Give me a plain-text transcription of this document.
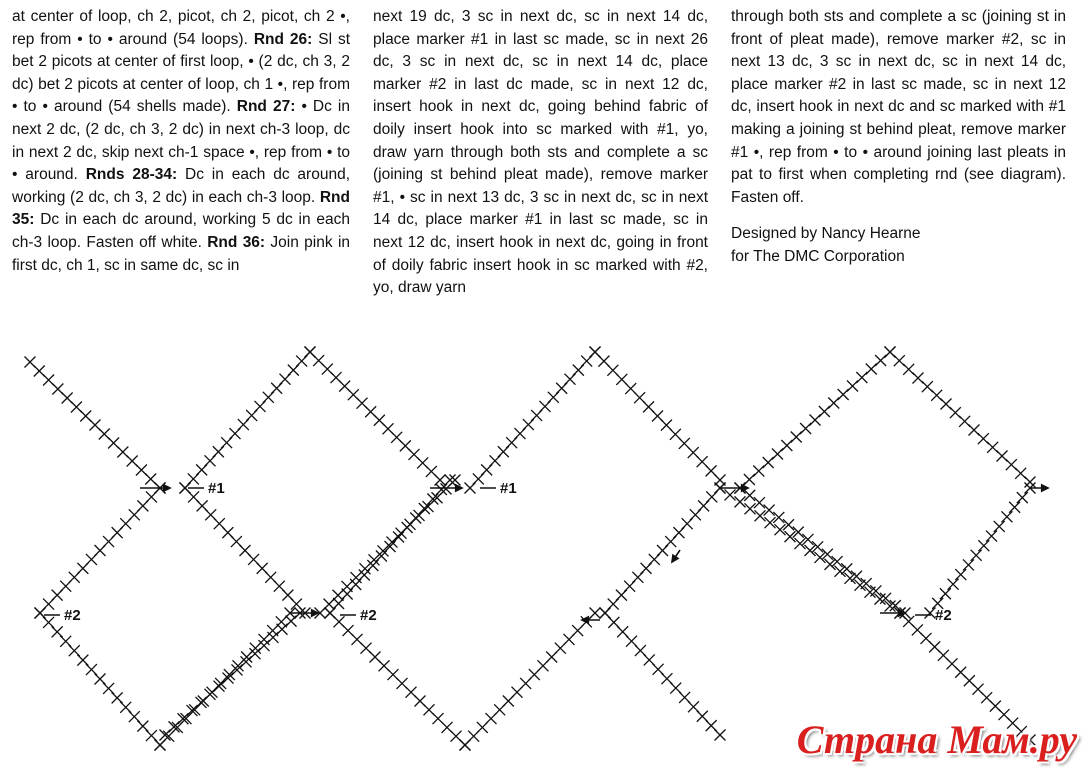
at center of loop, ch 2, picot, ch 2, picot, ch 2 •, rep from • to • around (54 loops). Rnd 26: Sl st bet 2 picots at center of first loop, • (2 dc, ch 3, 2 dc) bet 2 picots at center of loop, ch 1 •, rep from • to • around (54 shells made). Rnd 27: • Dc in next 2 dc, (2 dc, ch 3, 2 dc) in next ch-3 loop, dc in next 2 dc, skip next ch-1 space •, rep from • to • around. Rnds 28-34: Dc in each dc around, working (2 dc, ch 3, 2 dc) in each ch-3 loop. Rnd 35: Dc in each dc around, working 5 dc in each ch-3 loop. Fasten off white. Rnd 36: Join pink in first dc, ch 1, sc in same dc, sc in

next 19 dc, 3 sc in next dc, sc in next 14 dc, place marker #1 in last sc made, sc in next 26 dc, 3 sc in next dc, sc in next 14 dc, place marker #2 in last dc made, sc in next 12 dc, insert hook in next dc, going behind fabric of doily insert hook into sc marked with #1, yo, draw yarn through both sts and complete a sc (joining st behind pleat made), remove marker #1, • sc in next 13 dc, 3 sc in next dc, sc in next 14 dc, place marker #1 in last sc made, sc in next 12 dc, insert hook in next dc, going in front of doily fabric insert hook in sc marked with #2, yo, draw yarn

through both sts and complete a sc (joining st in front of pleat made), remove marker #2, sc in next 13 dc, 3 sc in next dc, sc in next 14 dc, place marker #2 in last sc made, sc in next 12 dc, insert hook in next dc and sc marked with #1 making a joining st behind pleat, remove marker #1 •, rep from • to • around joining last pleats in pat to first when completing rnd (see diagram). Fasten off.

Designed by Nancy Hearne
for The DMC Corporation

#1	#1
#2	#2	#2
Страна Мам.ру
